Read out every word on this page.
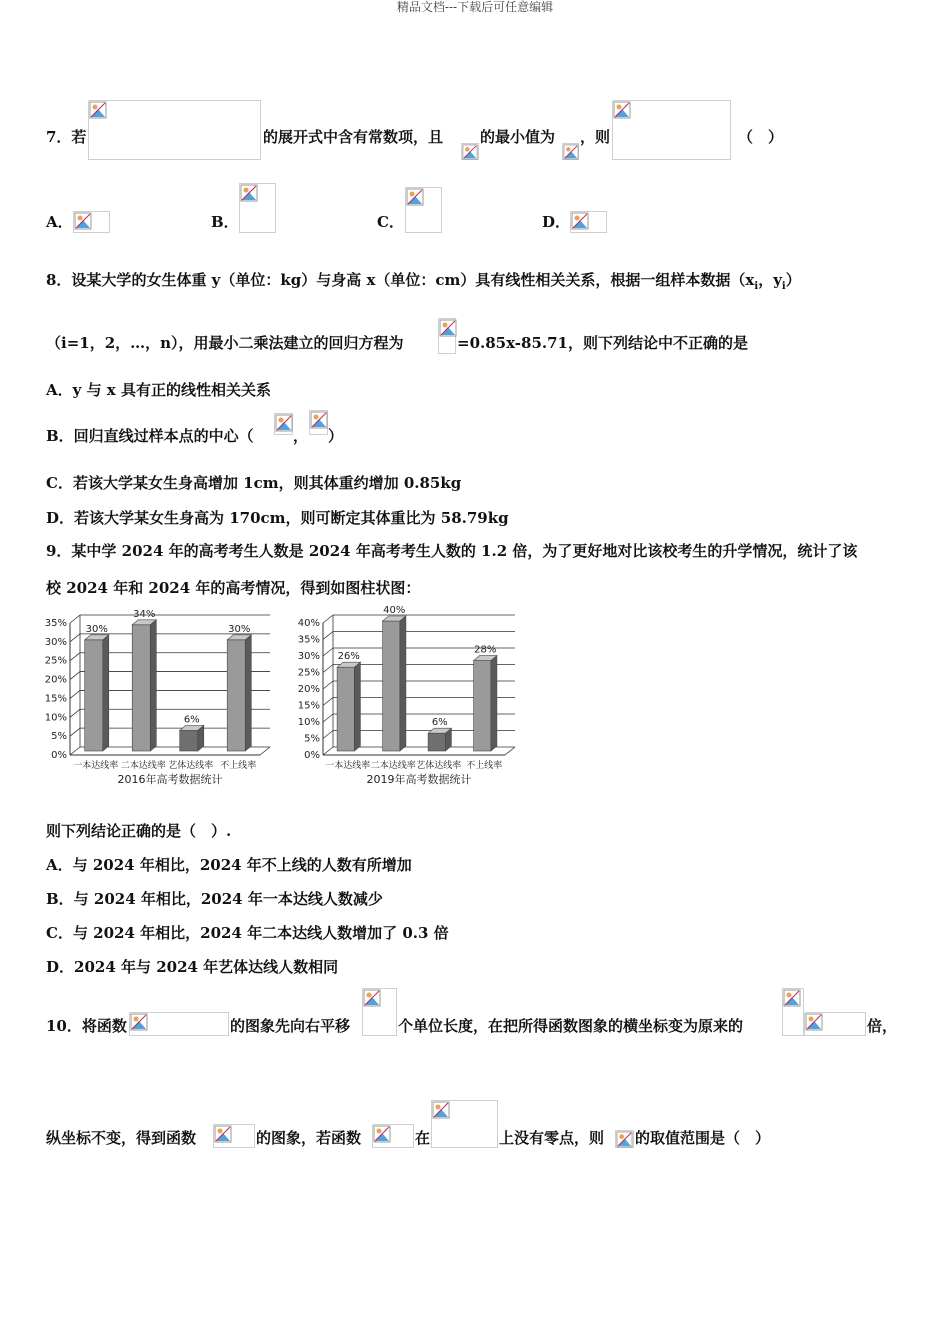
精品文档---下载后可任意编辑
7．若	的展开式中含有常数项，且 的最小值为 ，则	（　）
A．	B．	C．	D．
8．设某大学的女生体重 y（单位：kg）与身高 x（单位：cm）具有线性相关关系，根据一组样本数据（$x_i$，$y_i$）
（i=1，2，…，n），用最小二乘法建立的回归方程为	=0.85x-85.71，则下列结论中不正确的是
A．y 与 x 具有正的线性相关关系
B．回归直线过样本点的中心（	， ）
C．若该大学某女生身高增加 1cm，则其体重约增加 0.85kg
D．若该大学某女生身高为 170cm，则可断定其体重比为 58.79kg
9．某中学 2024 年的高考考生人数是 2024 年高考考生人数的 1.2 倍，为了更好地对比该校考生的升学情况，统计了该
校 2024 年和 2024 年的高考情况，得到如图柱状图：
0%
5%
10%
15%
20%
25%
30%
35%
30%
一本达线率
34%
二本达线率
6%
艺体达线率
30%
不上线率
2016年高考数据统计
0%
5%
10%
15%
20%
25%
30%
35%
40%
26%
一本达线率
40%
二本达线率
6%
艺体达线率
28%
不上线率
2019年高考数据统计
则下列结论正确的是（　）.
A．与 2024 年相比，2024 年不上线的人数有所增加
B．与 2024 年相比，2024 年一本达线人数减少
C．与 2024 年相比，2024 年二本达线人数增加了 0.3 倍
D．2024 年与 2024 年艺体达线人数相同
10．将函数	的图象先向右平移	个单位长度，在把所得函数图象的横坐标变为原来的	倍，
纵坐标不变，得到函数	的图象，若函数	在	上没有零点，则 的取值范围是（　）
